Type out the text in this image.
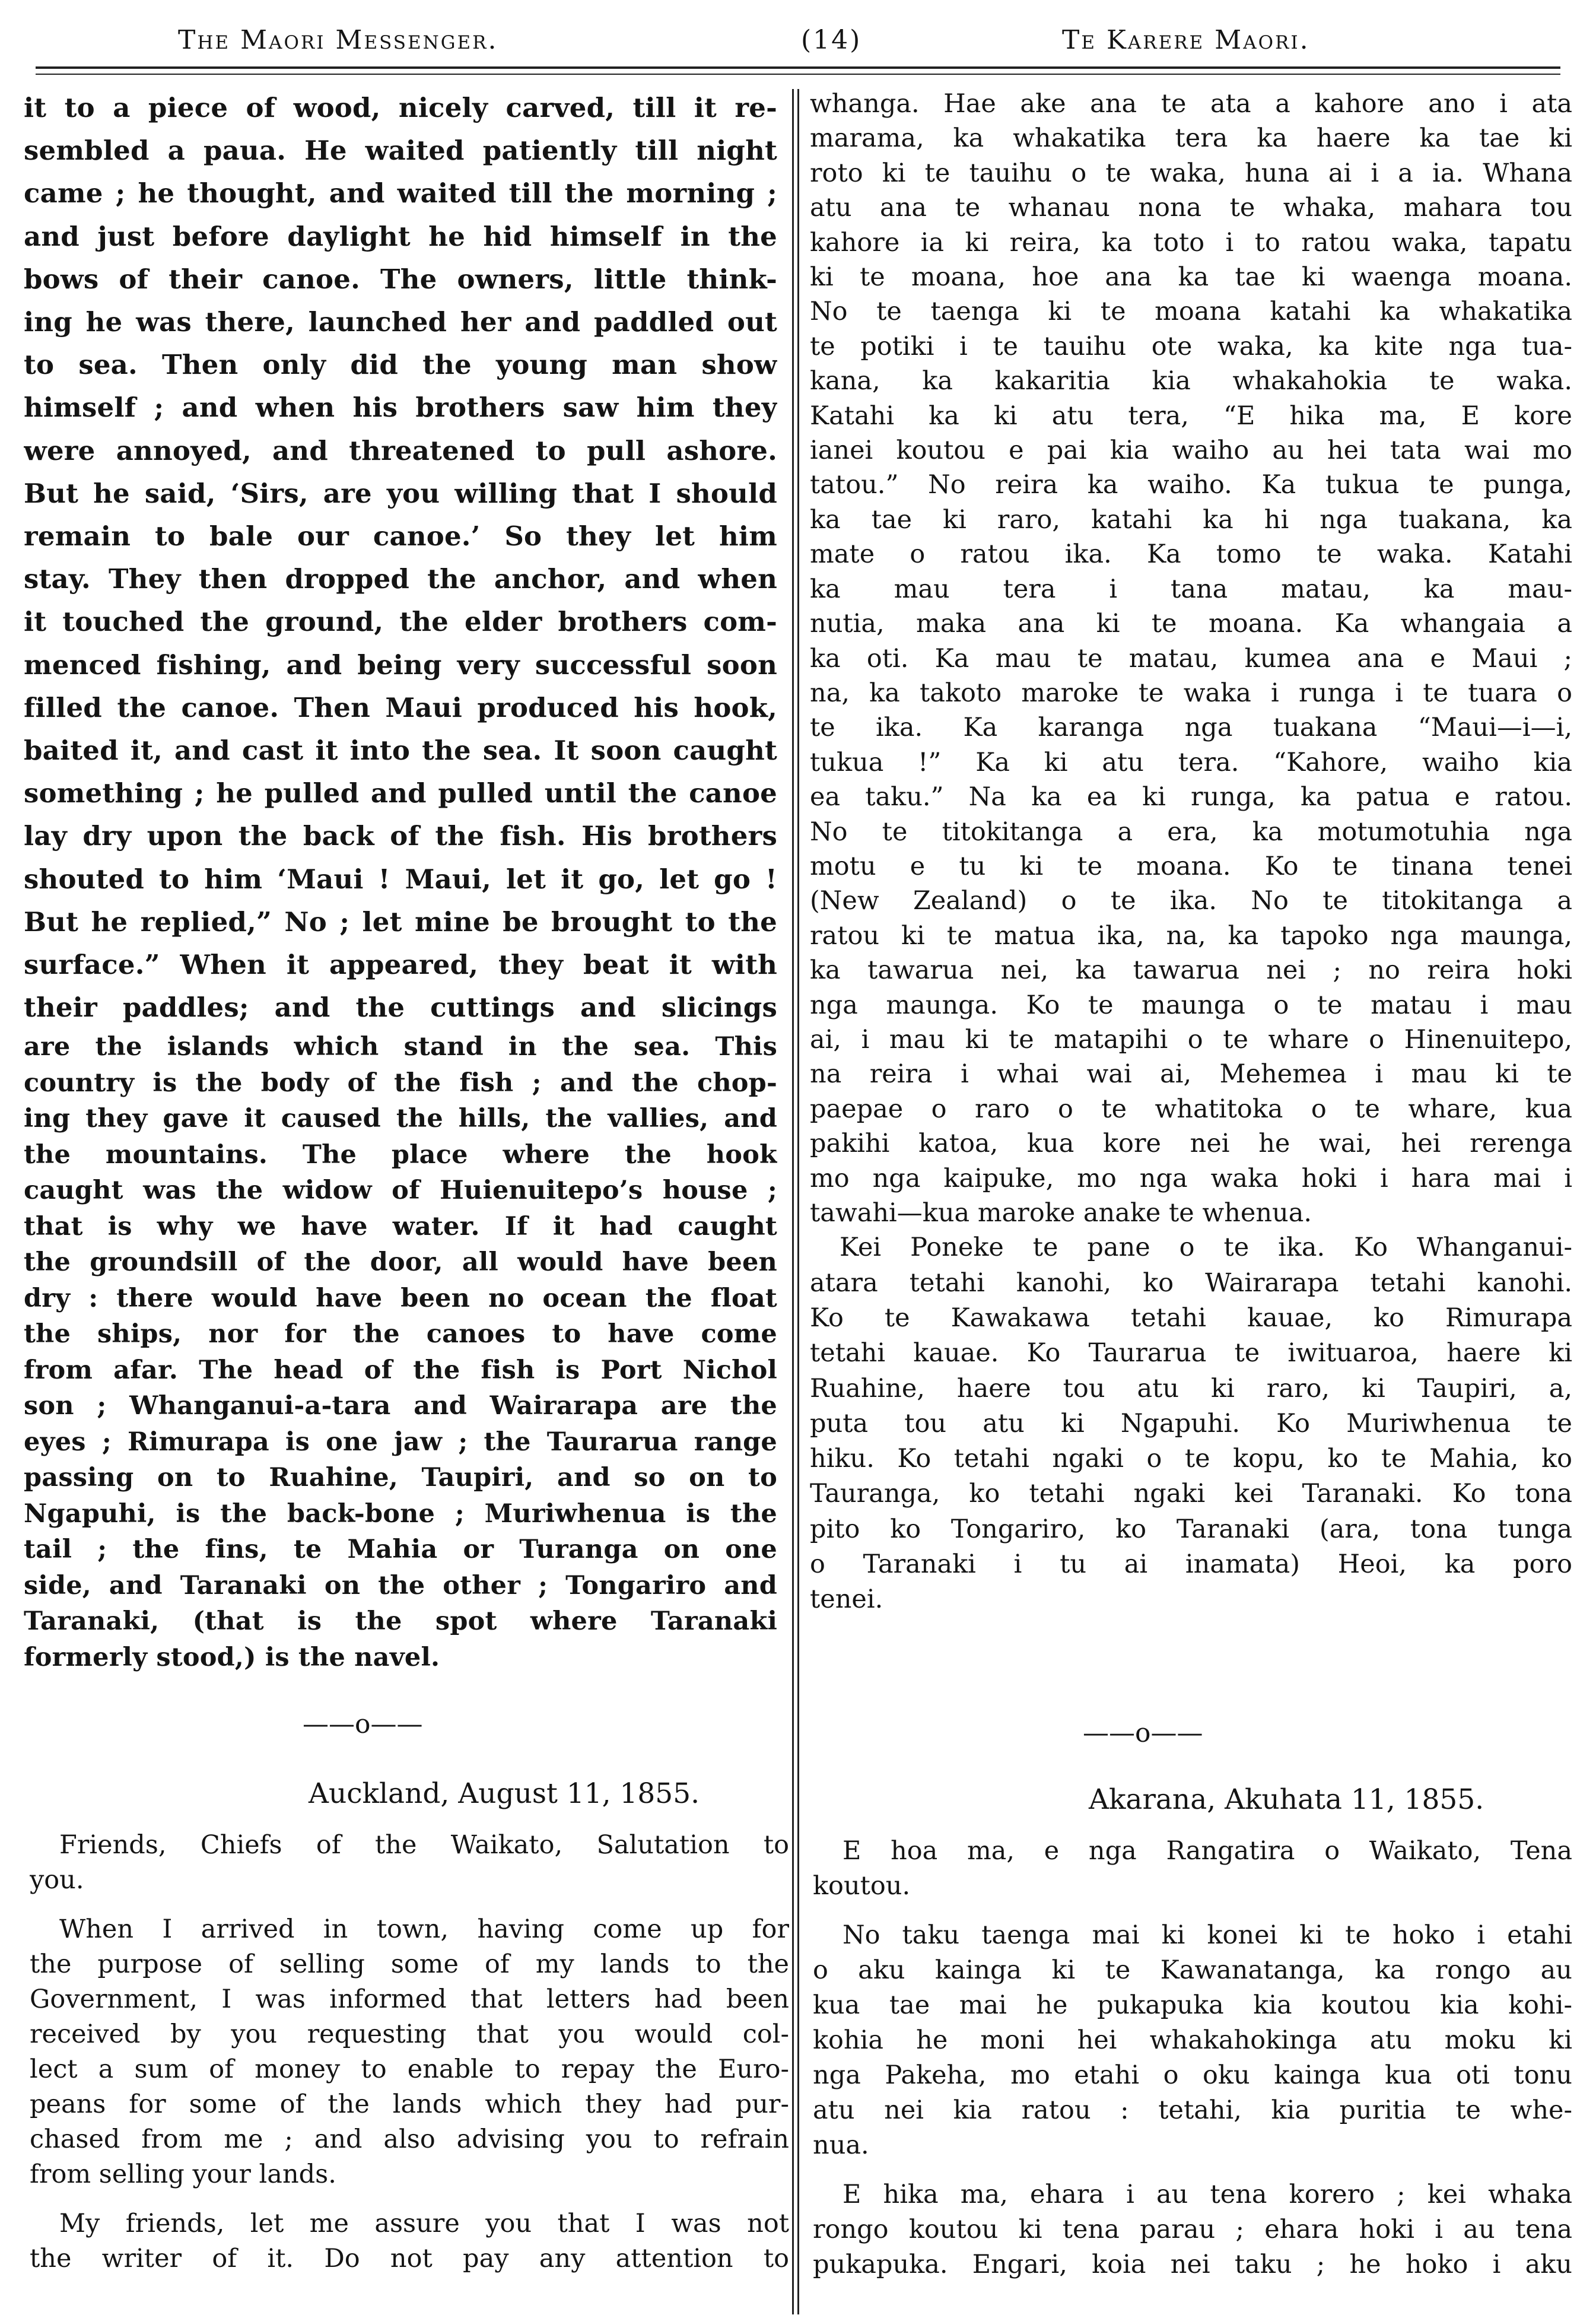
The Maori Messenger.	(14)	Te Karere Maori.
it to a piece of wood, nicely carved, till it re-
sembled a paua. He waited patiently till night
came ; he thought, and waited till the morning ;
and just before daylight he hid himself in the
bows of their canoe. The owners, little think-
ing he was there, launched her and paddled out
to sea. Then only did the young man show
himself ; and when his brothers saw him they
were annoyed, and threatened to pull ashore.
But he said, ‘Sirs, are you willing that I should
remain to bale our canoe.’ So they let him
stay. They then dropped the anchor, and when
it touched the ground, the elder brothers com-
menced fishing, and being very successful soon
filled the canoe. Then Maui produced his hook,
baited it, and cast it into the sea. It soon caught
something ; he pulled and pulled until the canoe
lay dry upon the back of the fish. His brothers
shouted to him ‘Maui ! Maui, let it go, let go !
But he replied,” No ; let mine be brought to the
surface.” When it appeared, they beat it with
their paddles; and the cuttings and slicings
are the islands which stand in the sea. This
country is the body of the fish ; and the chop-
ing they gave it caused the hills, the vallies, and
the mountains. The place where the hook
caught was the widow of Huienuitepo’s house ;
that is why we have water. If it had caught
the groundsill of the door, all would have been
dry : there would have been no ocean the float
the ships, nor for the canoes to have come
from afar. The head of the fish is Port Nichol
son ; Whanganui-a-tara and Wairarapa are the
eyes ; Rimurapa is one jaw ; the Taurarua range
passing on to Ruahine, Taupiri, and so on to
Ngapuhi, is the back-bone ; Muriwhenua is the
tail ; the fins, te Mahia or Turanga on one
side, and Taranaki on the other ; Tongariro and
Taranaki, (that is the spot where Taranaki
formerly stood,) is the navel.
whanga. Hae ake ana te ata a kahore ano i ata
marama, ka whakatika tera ka haere ka tae ki
roto ki te tauihu o te waka, huna ai i a ia. Whana
atu ana te whanau nona te whaka, mahara tou
kahore ia ki reira, ka toto i to ratou waka, tapatu
ki te moana, hoe ana ka tae ki waenga moana.
No te taenga ki te moana katahi ka whakatika
te potiki i te tauihu ote waka, ka kite nga tua-
kana, ka kakaritia kia whakahokia te waka.
Katahi ka ki atu tera, “E hika ma, E kore
ianei koutou e pai kia waiho au hei tata wai mo
tatou.” No reira ka waiho. Ka tukua te punga,
ka tae ki raro, katahi ka hi nga tuakana, ka
mate o ratou ika. Ka tomo te waka. Katahi
ka mau tera i tana matau, ka mau-
nutia, maka ana ki te moana. Ka whangaia a
ka oti. Ka mau te matau, kumea ana e Maui ;
na, ka takoto maroke te waka i runga i te tuara o
te ika. Ka karanga nga tuakana “Maui—i—i,
tukua !” Ka ki atu tera. “Kahore, waiho kia
ea taku.” Na ka ea ki runga, ka patua e ratou.
No te titokitanga a era, ka motumotuhia nga
motu e tu ki te moana. Ko te tinana tenei
(New Zealand) o te ika. No te titokitanga a
ratou ki te matua ika, na, ka tapoko nga maunga,
ka tawarua nei, ka tawarua nei ; no reira hoki
nga maunga. Ko te maunga o te matau i mau
ai, i mau ki te matapihi o te whare o Hinenuitepo,
na reira i whai wai ai, Mehemea i mau ki te
paepae o raro o te whatitoka o te whare, kua
pakihi katoa, kua kore nei he wai, hei rerenga
mo nga kaipuke, mo nga waka hoki i hara mai i
tawahi—kua maroke anake te whenua.
Kei Poneke te pane o te ika. Ko Whanganui-
atara tetahi kanohi, ko Wairarapa tetahi kanohi.
Ko te Kawakawa tetahi kauae, ko Rimurapa
tetahi kauae. Ko Taurarua te iwituaroa, haere ki
Ruahine, haere tou atu ki raro, ki Taupiri, a,
puta tou atu ki Ngapuhi. Ko Muriwhenua te
hiku. Ko tetahi ngaki o te kopu, ko te Mahia, ko
Tauranga, ko tetahi ngaki kei Taranaki. Ko tona
pito ko Tongariro, ko Taranaki (ara, tona tunga
o Taranaki i tu ai inamata) Heoi, ka poro
tenei.
——o——	——o——
Auckland, August 11, 1855.	Akarana, Akuhata 11, 1855.
Friends, Chiefs of the Waikato, Salutation to
you.
When I arrived in town, having come up for
the purpose of selling some of my lands to the
Government, I was informed that letters had been
received by you requesting that you would col-
lect a sum of money to enable to repay the Euro-
peans for some of the lands which they had pur-
chased from me ; and also advising you to refrain
from selling your lands.
My friends, let me assure you that I was not
the writer of it. Do not pay any attention to
E hoa ma, e nga Rangatira o Waikato, Tena
koutou.
No taku taenga mai ki konei ki te hoko i etahi
o aku kainga ki te Kawanatanga, ka rongo au
kua tae mai he pukapuka kia koutou kia kohi-
kohia he moni hei whakahokinga atu moku ki
nga Pakeha, mo etahi o oku kainga kua oti tonu
atu nei kia ratou : tetahi, kia puritia te whe-
nua.
E hika ma, ehara i au tena korero ; kei whaka
rongo koutou ki tena parau ; ehara hoki i au tena
pukapuka. Engari, koia nei taku ; he hoko i aku
